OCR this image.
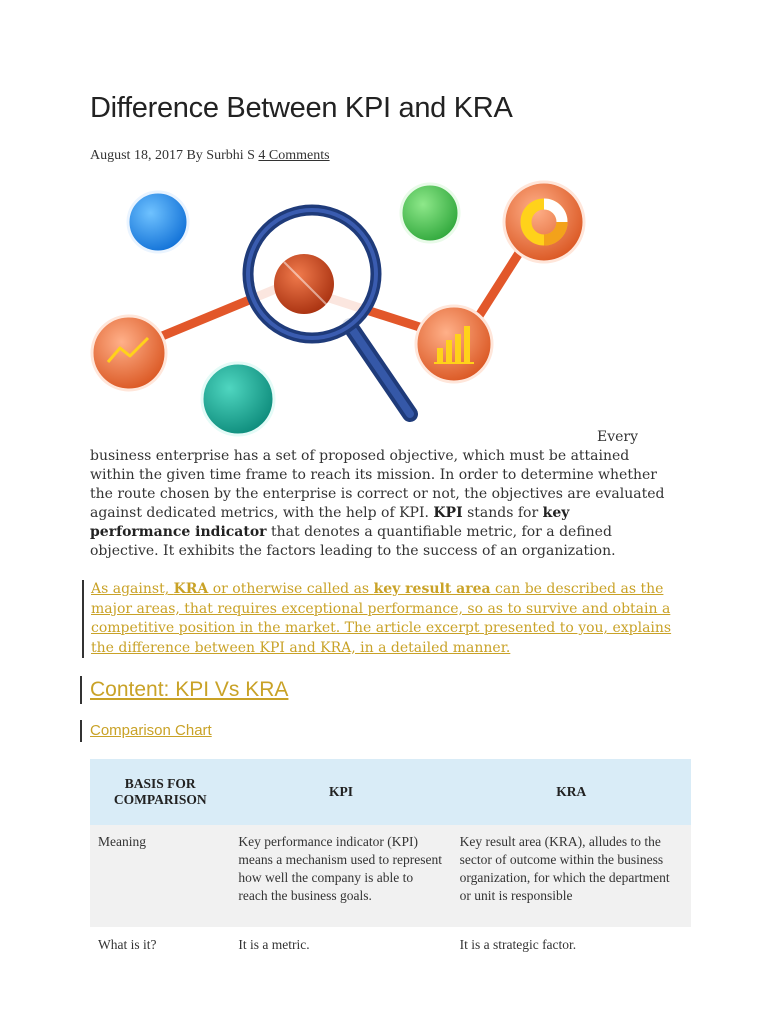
Difference Between KPI and KRA
August 18, 2017 By Surbhi S 4 Comments
Every
business enterprise has a set of proposed objective, which must be attained within the given time frame to reach its mission. In order to determine whether the route chosen by the enterprise is correct or not, the objectives are evaluated against dedicated metrics, with the help of KPI. KPI stands for key performance indicator that denotes a quantifiable metric, for a defined objective. It exhibits the factors leading to the success of an organization.
As against, KRA or otherwise called as key result area can be described as the major areas, that requires exceptional performance, so as to survive and obtain a competitive position in the market. The article excerpt presented to you, explains the difference between KPI and KRA, in a detailed manner.
Content: KPI Vs KRA
Comparison Chart
BASIS FOR COMPARISON	KPI	KRA
Meaning	Key performance indicator (KPI) means a mechanism used to represent how well the company is able to reach the business goals.	Key result area (KRA), alludes to the sector of outcome within the business organization, for which the department or unit is responsible
What is it?	It is a metric.	It is a strategic factor.
